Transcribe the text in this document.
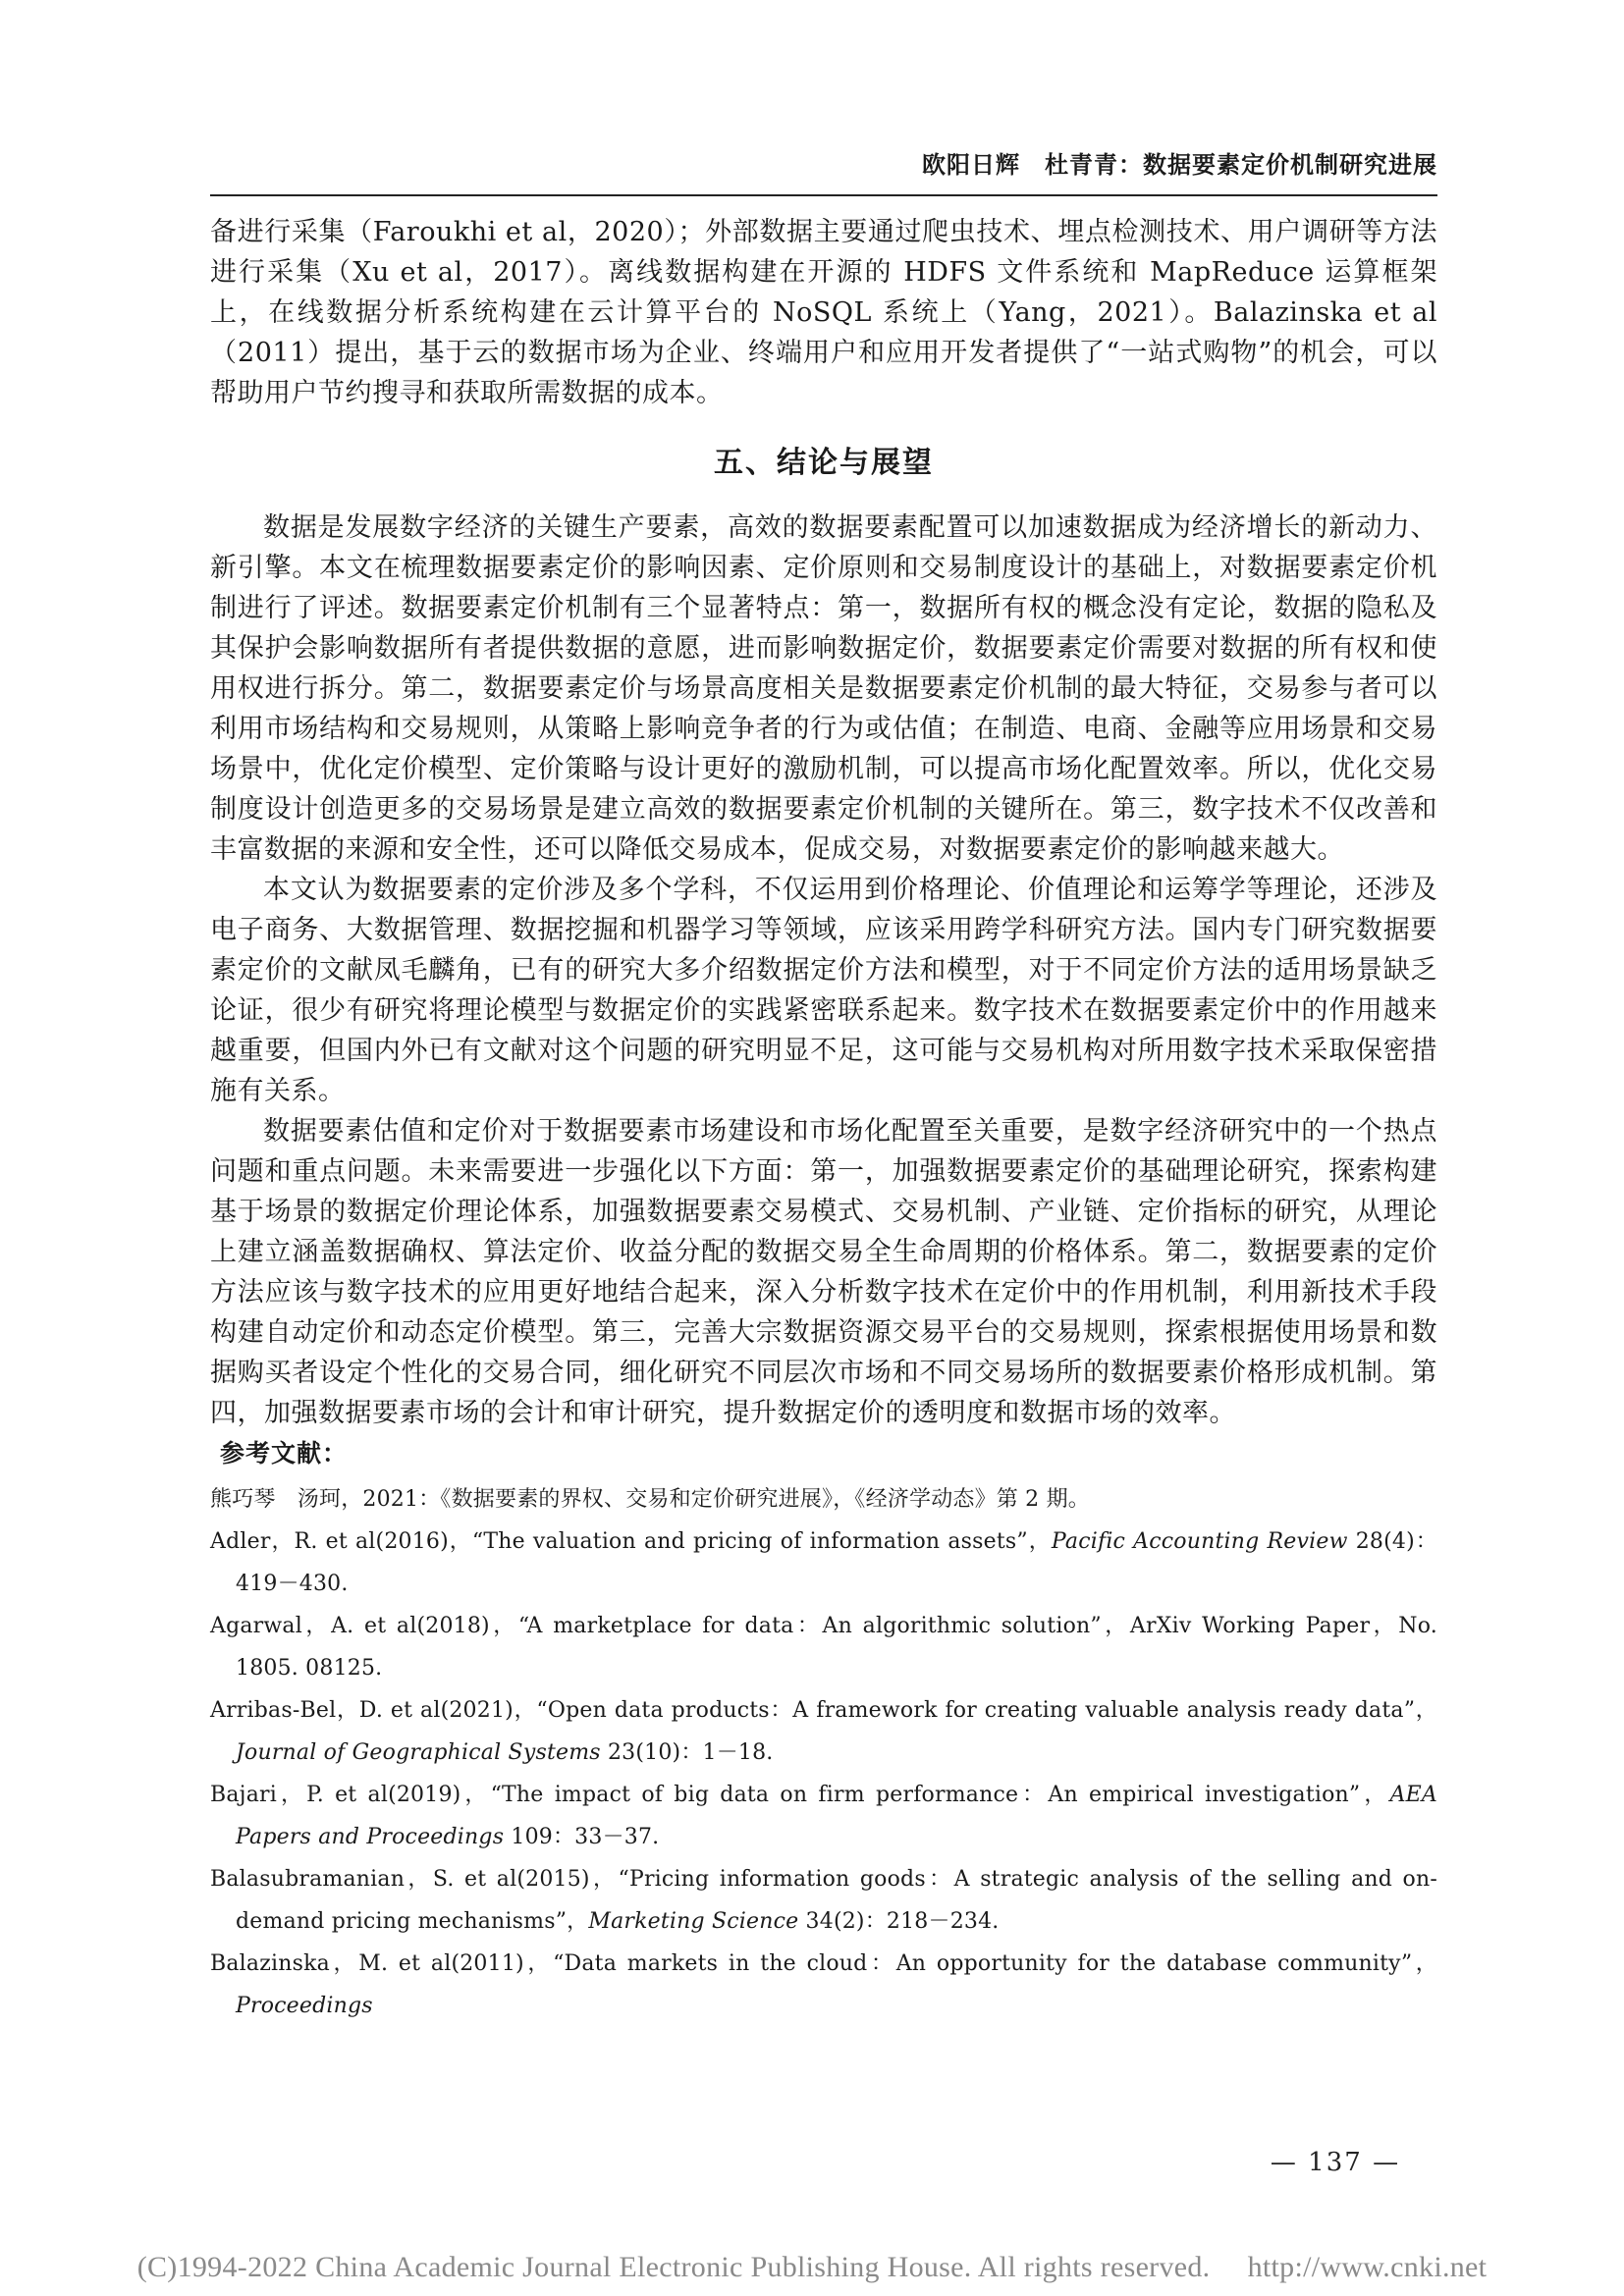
欧阳日辉　杜青青：数据要素定价机制研究进展

备进行采集（Faroukhi et al，2020）；外部数据主要通过爬虫技术、埋点检测技术、用户调研等方法进行采集（Xu et al，2017）。离线数据构建在开源的 HDFS 文件系统和 MapReduce 运算框架上，在线数据分析系统构建在云计算平台的 NoSQL 系统上（Yang，2021）。Balazinska et al（2011）提出，基于云的数据市场为企业、终端用户和应用开发者提供了“一站式购物”的机会，可以帮助用户节约搜寻和获取所需数据的成本。

五、结论与展望

数据是发展数字经济的关键生产要素，高效的数据要素配置可以加速数据成为经济增长的新动力、新引擎。本文在梳理数据要素定价的影响因素、定价原则和交易制度设计的基础上，对数据要素定价机制进行了评述。数据要素定价机制有三个显著特点：第一，数据所有权的概念没有定论，数据的隐私及其保护会影响数据所有者提供数据的意愿，进而影响数据定价，数据要素定价需要对数据的所有权和使用权进行拆分。第二，数据要素定价与场景高度相关是数据要素定价机制的最大特征，交易参与者可以利用市场结构和交易规则，从策略上影响竞争者的行为或估值；在制造、电商、金融等应用场景和交易场景中，优化定价模型、定价策略与设计更好的激励机制，可以提高市场化配置效率。所以，优化交易制度设计创造更多的交易场景是建立高效的数据要素定价机制的关键所在。第三，数字技术不仅改善和丰富数据的来源和安全性，还可以降低交易成本，促成交易，对数据要素定价的影响越来越大。

本文认为数据要素的定价涉及多个学科，不仅运用到价格理论、价值理论和运筹学等理论，还涉及电子商务、大数据管理、数据挖掘和机器学习等领域，应该采用跨学科研究方法。国内专门研究数据要素定价的文献凤毛麟角，已有的研究大多介绍数据定价方法和模型，对于不同定价方法的适用场景缺乏论证，很少有研究将理论模型与数据定价的实践紧密联系起来。数字技术在数据要素定价中的作用越来越重要，但国内外已有文献对这个问题的研究明显不足，这可能与交易机构对所用数字技术采取保密措施有关系。

数据要素估值和定价对于数据要素市场建设和市场化配置至关重要，是数字经济研究中的一个热点问题和重点问题。未来需要进一步强化以下方面：第一，加强数据要素定价的基础理论研究，探索构建基于场景的数据定价理论体系，加强数据要素交易模式、交易机制、产业链、定价指标的研究，从理论上建立涵盖数据确权、算法定价、收益分配的数据交易全生命周期的价格体系。第二，数据要素的定价方法应该与数字技术的应用更好地结合起来，深入分析数字技术在定价中的作用机制，利用新技术手段构建自动定价和动态定价模型。第三，完善大宗数据资源交易平台的交易规则，探索根据使用场景和数据购买者设定个性化的交易合同，细化研究不同层次市场和不同交易场所的数据要素价格形成机制。第四，加强数据要素市场的会计和审计研究，提升数据定价的透明度和数据市场的效率。

参考文献：
熊巧琴　汤珂，2021：《数据要素的界权、交易和定价研究进展》，《经济学动态》第 2 期。
Adler，R. et al(2016)，“The valuation and pricing of information assets”，Pacific Accounting Review 28(4)：419－430.
Agarwal，A. et al(2018)，“A marketplace for data：An algorithmic solution”，ArXiv Working Paper，No. 1805. 08125.
Arribas-Bel，D. et al(2021)，“Open data products：A framework for creating valuable analysis ready data”，Journal of Geographical Systems 23(10)：1－18.
Bajari，P. et al(2019)，“The impact of big data on firm performance：An empirical investigation”，AEA Papers and Proceedings 109：33－37.
Balasubramanian，S. et al(2015)，“Pricing information goods：A strategic analysis of the selling and on-demand pricing mechanisms”，Marketing Science 34(2)：218－234.
Balazinska，M. et al(2011)，“Data markets in the cloud：An opportunity for the database community”，Proceedings
— 137 —
(C)1994-2022 China Academic Journal Electronic Publishing House. All rights reserved.　 http://www.cnki.net
